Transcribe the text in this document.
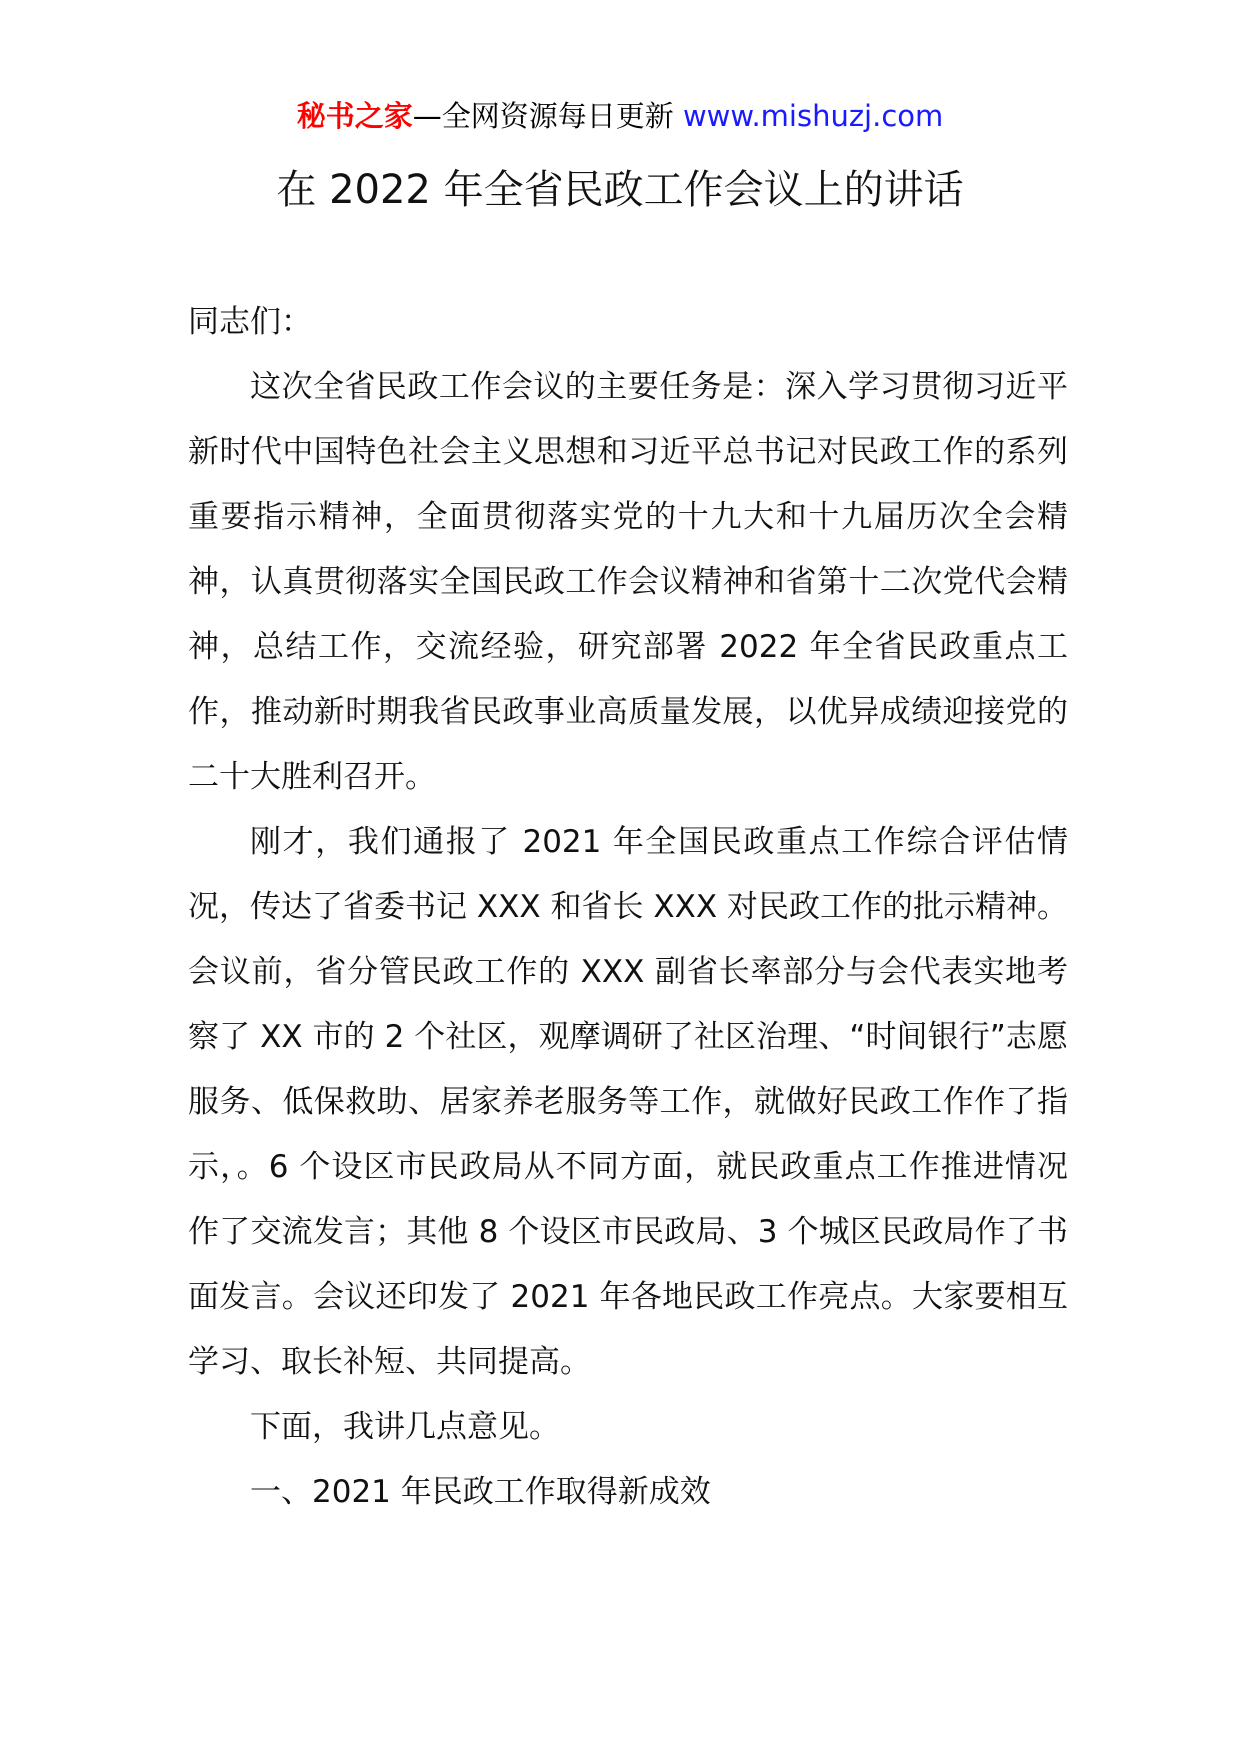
秘书之家—全网资源每日更新 www.mishuzj.com
在 2022 年全省民政工作会议上的讲话

同志们：

这次全省民政工作会议的主要任务是：深入学习贯彻习近平新时代中国特色社会主义思想和习近平总书记对民政工作的系列重要指示精神，全面贯彻落实党的十九大和十九届历次全会精神，认真贯彻落实全国民政工作会议精神和省第十二次党代会精神，总结工作，交流经验，研究部署 2022 年全省民政重点工作，推动新时期我省民政事业高质量发展，以优异成绩迎接党的二十大胜利召开。

刚才，我们通报了 2021 年全国民政重点工作综合评估情况，传达了省委书记 XXX 和省长 XXX 对民政工作的批示精神。会议前，省分管民政工作的 XXX 副省长率部分与会代表实地考察了 XX 市的 2 个社区，观摩调研了社区治理、“时间银行”志愿服务、低保救助、居家养老服务等工作，就做好民政工作作了指示，。6 个设区市民政局从不同方面，就民政重点工作推进情况作了交流发言；其他 8 个设区市民政局、3 个城区民政局作了书面发言。会议还印发了 2021 年各地民政工作亮点。大家要相互学习、取长补短、共同提高。

下面，我讲几点意见。

一、2021 年民政工作取得新成效
